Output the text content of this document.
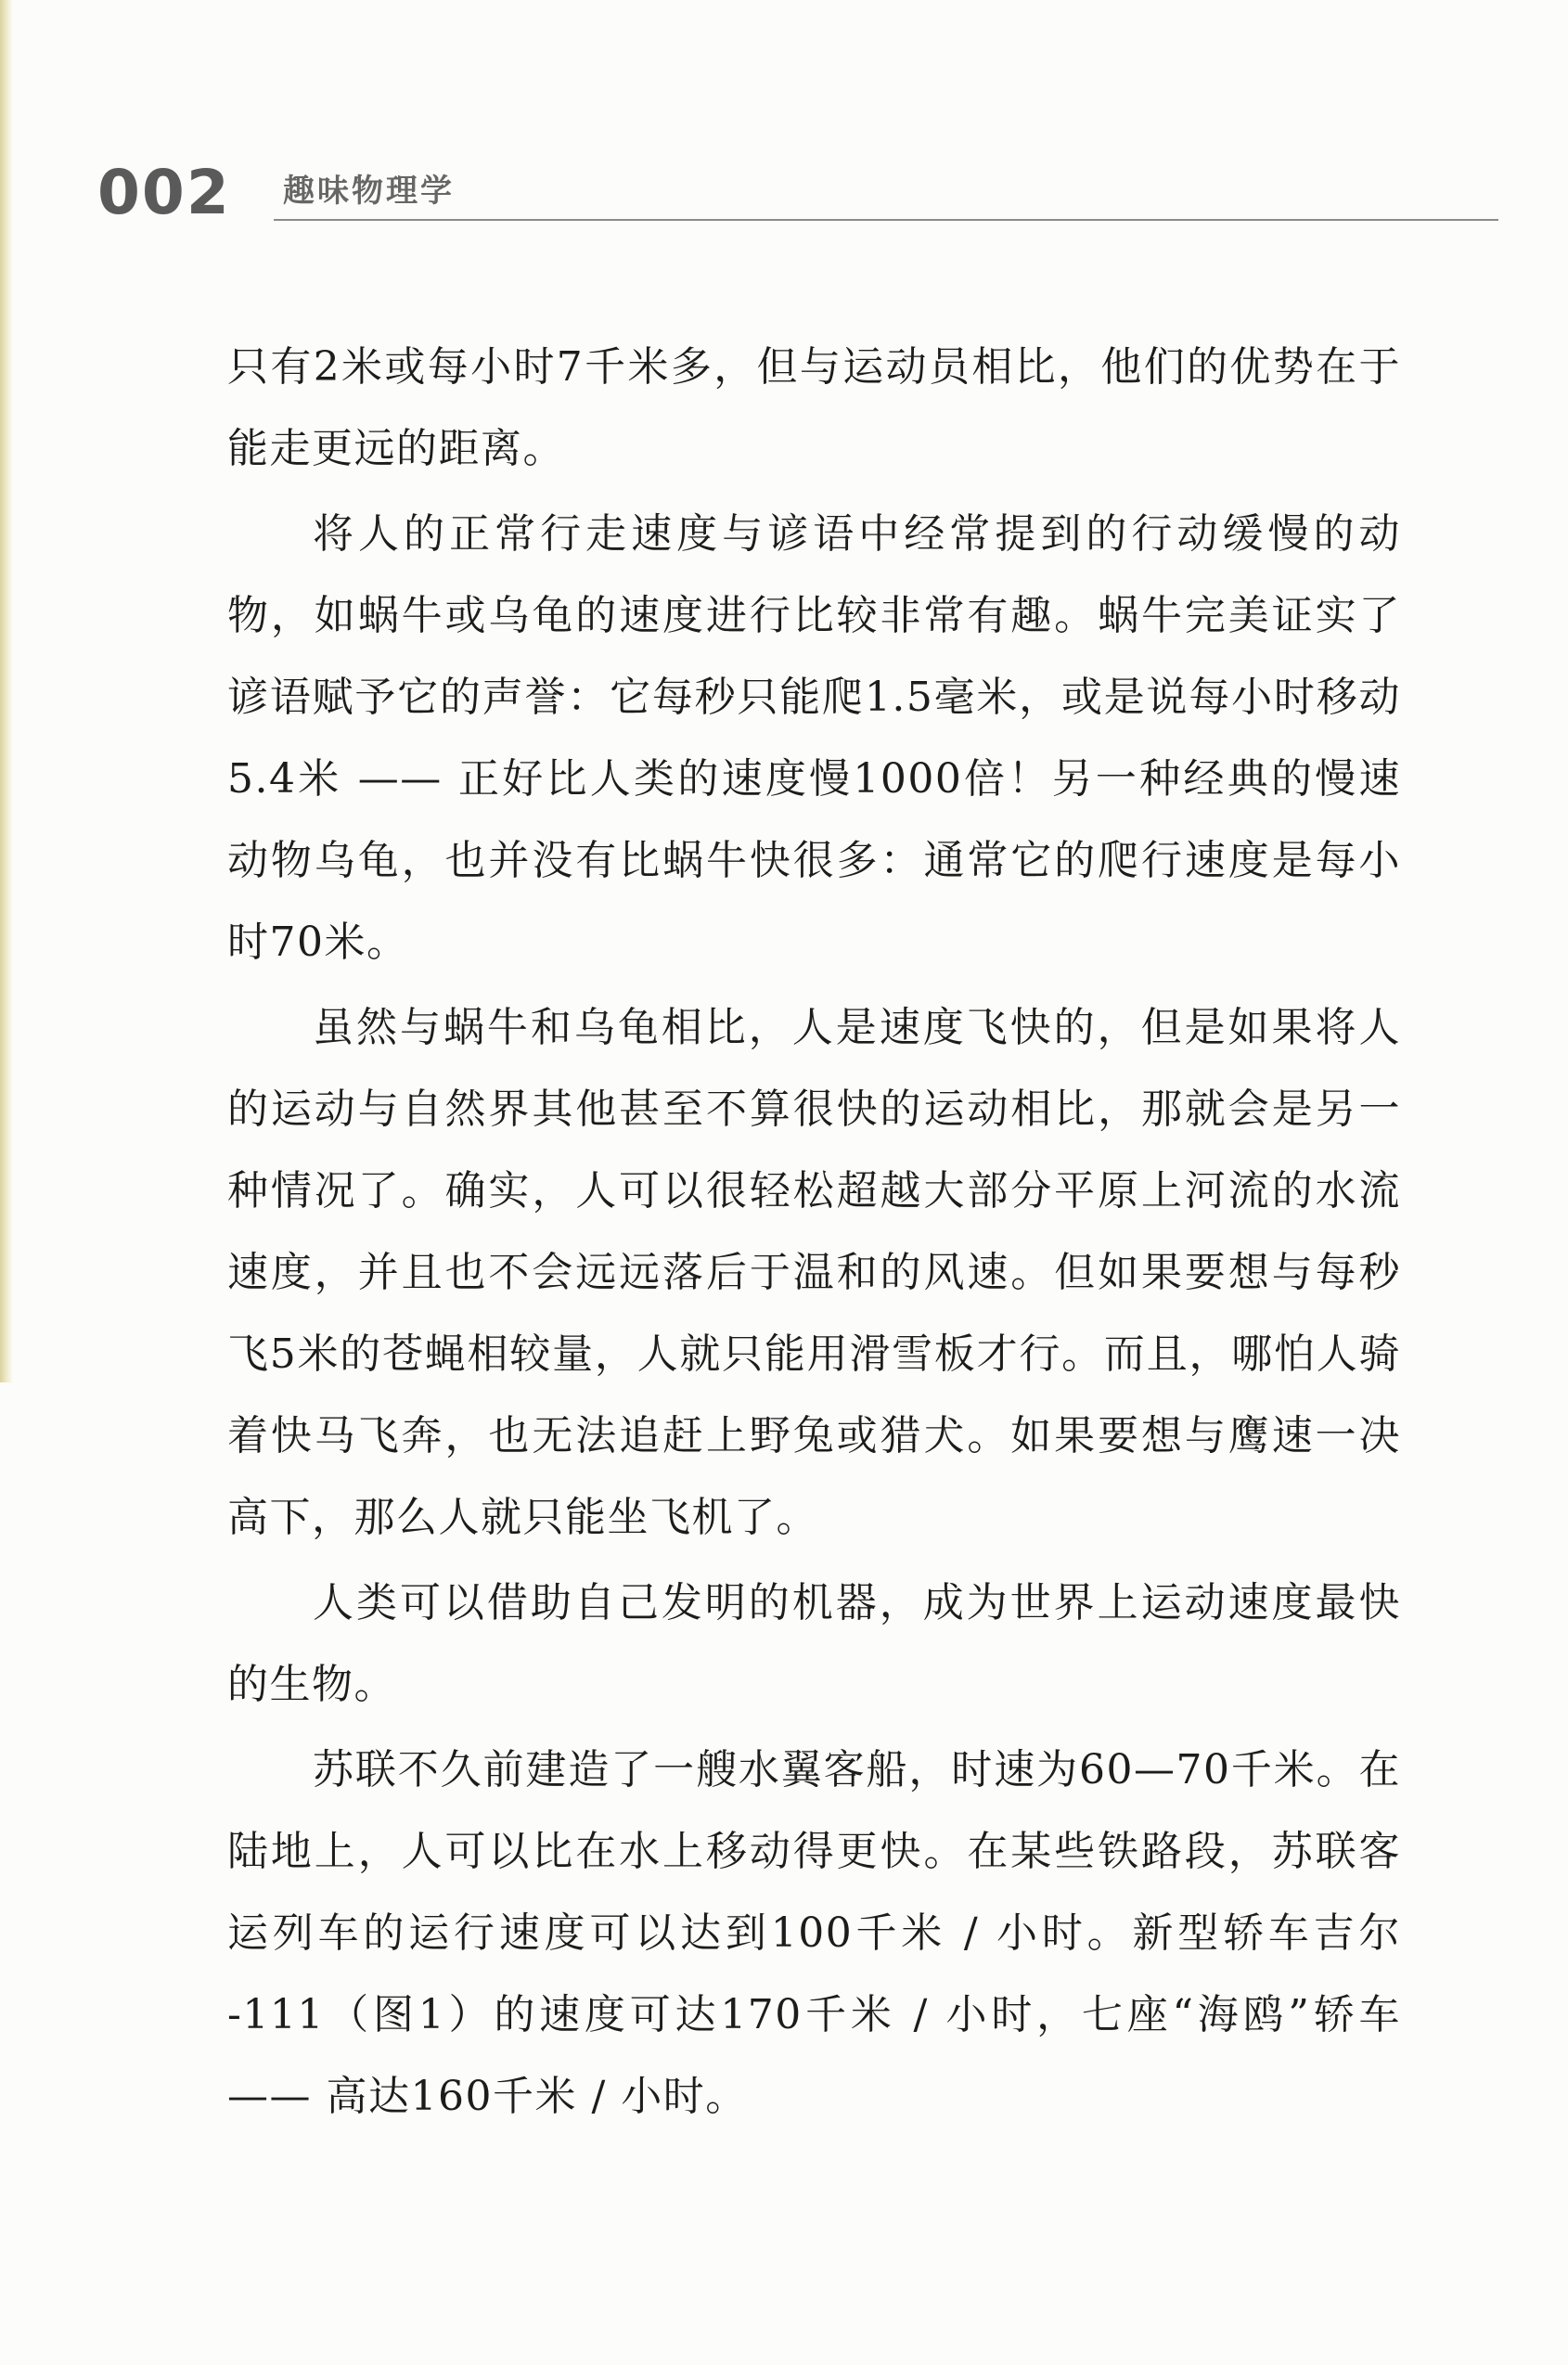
002 趣味物理学

只有2米或每小时7千米多，但与运动员相比，他们的优势在于能走更远的距离。

将人的正常行走速度与谚语中经常提到的行动缓慢的动物，如蜗牛或乌龟的速度进行比较非常有趣。蜗牛完美证实了谚语赋予它的声誉：它每秒只能爬1.5毫米，或是说每小时移动5.4米 —— 正好比人类的速度慢1000倍！另一种经典的慢速动物乌龟，也并没有比蜗牛快很多：通常它的爬行速度是每小时70米。

虽然与蜗牛和乌龟相比，人是速度飞快的，但是如果将人的运动与自然界其他甚至不算很快的运动相比，那就会是另一种情况了。确实，人可以很轻松超越大部分平原上河流的水流速度，并且也不会远远落后于温和的风速。但如果要想与每秒飞5米的苍蝇相较量，人就只能用滑雪板才行。而且，哪怕人骑着快马飞奔，也无法追赶上野兔或猎犬。如果要想与鹰速一决高下，那么人就只能坐飞机了。

人类可以借助自己发明的机器，成为世界上运动速度最快的生物。

苏联不久前建造了一艘水翼客船，时速为60—70千米。在陆地上，人可以比在水上移动得更快。在某些铁路段，苏联客运列车的运行速度可以达到100千米 / 小时。新型轿车吉尔 -111（图1）的速度可达170千米 / 小时，七座“海鸥”轿车 —— 高达160千米 / 小时。
